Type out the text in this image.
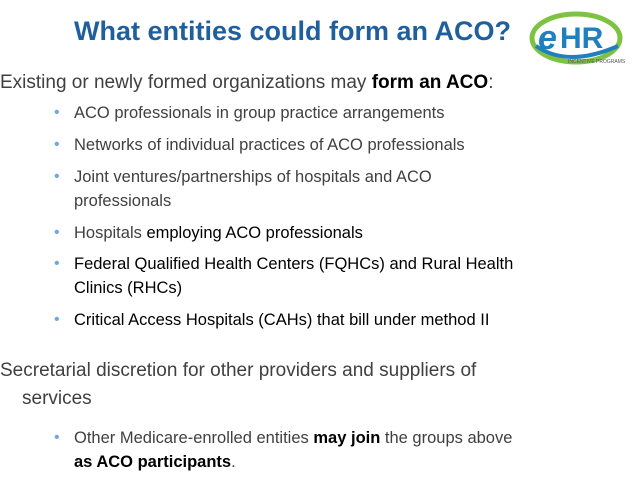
What entities could form an ACO? e HR
INCENTIVE PROGRAMS
Existing or newly formed organizations may form an ACO:
• ACO professionals in group practice arrangements
• Networks of individual practices of ACO professionals
• Joint ventures/partnerships of hospitals and ACO
professionals
• Hospitals employing ACO professionals
• Federal Qualified Health Centers (FQHCs) and Rural Health
Clinics (RHCs)
• Critical Access Hospitals (CAHs) that bill under method II
Secretarial discretion for other providers and suppliers of
services
• Other Medicare-enrolled entities may join the groups above
as ACO participants.
